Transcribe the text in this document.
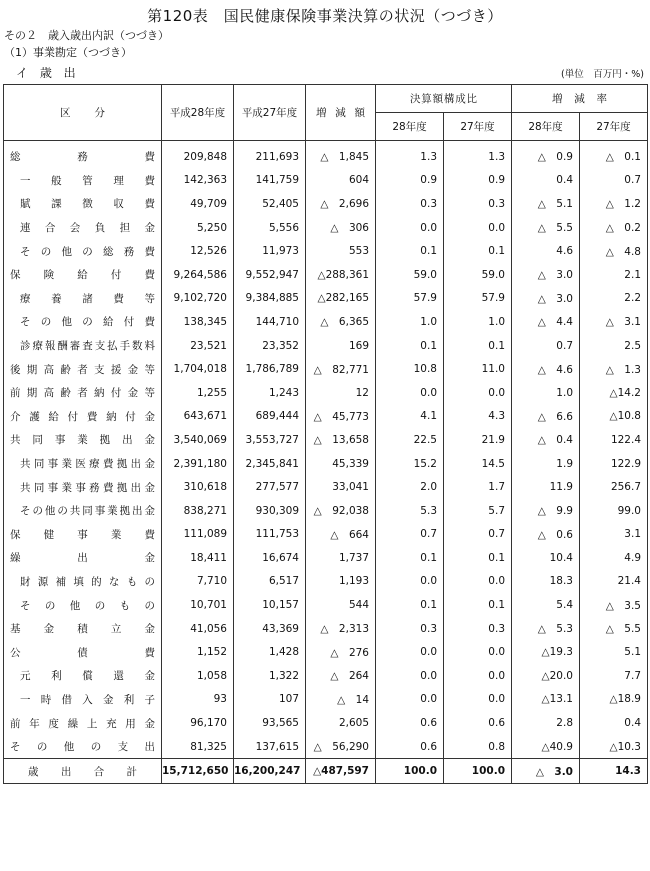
第120表　国民健康保険事業決算の状況（つづき）
その２　歳入歳出内訳（つづき）
（1）事業勘定（つづき）
イ 歳 出	(単位　百万円・%)
区分	平成28年度	平成27年度	増減額	決算額構成比		増減率	

				28年度	27年度	28年度	27年度
総務費	209,848	211,693	△　1,845	1.3	1.3	△　0.9	△　0.1
一般管理費	142,363	141,759	604	0.9	0.9	0.4	0.7
賦課徴収費	49,709	52,405	△　2,696	0.3	0.3	△　5.1	△　1.2
連合会負担金	5,250	5,556	△　306	0.0	0.0	△　5.5	△　0.2
その他の総務費	12,526	11,973	553	0.1	0.1	4.6	△　4.8
保険給付費	9,264,586	9,552,947	△288,361	59.0	59.0	△　3.0	2.1
療養諸費等	9,102,720	9,384,885	△282,165	57.9	57.9	△　3.0	2.2
その他の給付費	138,345	144,710	△　6,365	1.0	1.0	△　4.4	△　3.1
診療報酬審査支払手数料	23,521	23,352	169	0.1	0.1	0.7	2.5
後期高齢者支援金等	1,704,018	1,786,789	△　82,771	10.8	11.0	△　4.6	△　1.3
前期高齢者納付金等	1,255	1,243	12	0.0	0.0	1.0	△14.2
介護給付費納付金	643,671	689,444	△　45,773	4.1	4.3	△　6.6	△10.8
共同事業拠出金	3,540,069	3,553,727	△　13,658	22.5	21.9	△　0.4	122.4
共同事業医療費拠出金	2,391,180	2,345,841	45,339	15.2	14.5	1.9	122.9
共同事業事務費拠出金	310,618	277,577	33,041	2.0	1.7	11.9	256.7
その他の共同事業拠出金	838,271	930,309	△　92,038	5.3	5.7	△　9.9	99.0
保健事業費	111,089	111,753	△　664	0.7	0.7	△　0.6	3.1
繰出金	18,411	16,674	1,737	0.1	0.1	10.4	4.9
財源補填的なもの	7,710	6,517	1,193	0.0	0.0	18.3	21.4
その他のもの	10,701	10,157	544	0.1	0.1	5.4	△　3.5
基金積立金	41,056	43,369	△　2,313	0.3	0.3	△　5.3	△　5.5
公債費	1,152	1,428	△　276	0.0	0.0	△19.3	5.1
元利償還金	1,058	1,322	△　264	0.0	0.0	△20.0	7.7
一時借入金利子	93	107	△　14	0.0	0.0	△13.1	△18.9
前年度繰上充用金	96,170	93,565	2,605	0.6	0.6	2.8	0.4
その他の支出	81,325	137,615	△　56,290	0.6	0.8	△40.9	△10.3
歳出合計	15,712,650	16,200,247	△487,597	100.0	100.0	△　3.0	14.3
